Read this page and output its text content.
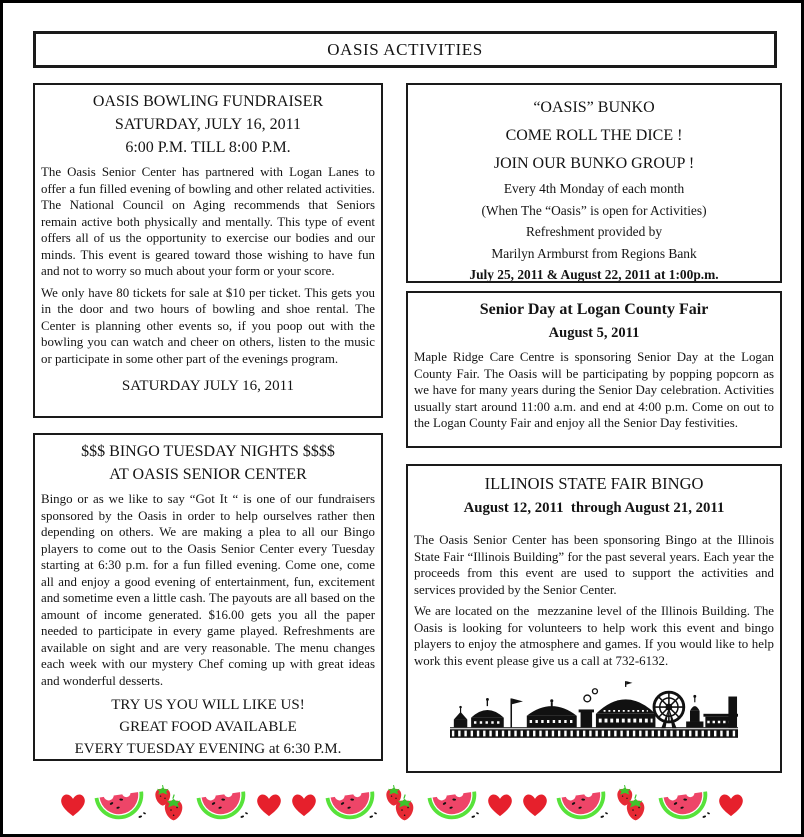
OASIS ACTIVITIES
OASIS BOWLING FUNDRAISER
SATURDAY, JULY 16, 2011
6:00 P.M. TILL 8:00 P.M.
The Oasis Senior Center has partnered with Logan Lanes to offer a fun filled evening of bowling and other related activities. The National Council on Aging recommends that Seniors remain active both physically and mentally. This type of event offers all of us the opportunity to exercise our bodies and our minds. This event is geared toward those wishing to have fun and not to worry so much about your form or your score.
We only have 80 tickets for sale at $10 per ticket. This gets you in the door and two hours of bowling and shoe rental. The Center is planning other events so, if you poop out with the bowling you can watch and cheer on others, listen to the music or participate in some other part of the evenings program.
SATURDAY JULY 16, 2011
$$$ BINGO TUESDAY NIGHTS $$$$
AT OASIS SENIOR CENTER
Bingo or as we like to say “Got It “ is one of our fundraisers sponsored by the Oasis in order to help ourselves rather then depending on others. We are making a plea to all our Bingo players to come out to the Oasis Senior Center every Tuesday starting at 6:30 p.m. for a fun filled evening. Come one, come all and enjoy a good evening of entertainment, fun, excitement and sometime even a little cash. The payouts are all based on the amount of income generated. $16.00 gets you all the paper needed to participate in every game played. Refreshments are available on sight and are very reasonable. The menu changes each week with our mystery Chef coming up with great ideas and wonderful desserts.
TRY US YOU WILL LIKE US!
GREAT FOOD AVAILABLE
EVERY TUESDAY EVENING at 6:30 P.M.
“OASIS” BUNKO
COME ROLL THE DICE !
JOIN OUR BUNKO GROUP !
Every 4th Monday of each month
(When The “Oasis” is open for Activities)
Refreshment provided by
Marilyn Armburst from Regions Bank
July 25, 2011 & August 22, 2011 at 1:00p.m.
Senior Day at Logan County Fair
August 5, 2011
Maple Ridge Care Centre is sponsoring Senior Day at the Logan County Fair. The Oasis will be participating by popping popcorn as we have for many years during the Senior Day celebration. Activities usually start around 11:00 a.m. and end at 4:00 p.m. Come on out to the Logan County Fair and enjoy all the Senior Day festivities.
ILLINOIS STATE FAIR BINGO
August 12, 2011  through August 21, 2011
The Oasis Senior Center has been sponsoring Bingo at the Illinois State Fair “Illinois Building” for the past several years. Each year the proceeds from this event are used to support the activities and services provided by the Senior Center.
We are located on the  mezzanine level of the Illinois Building. The Oasis is looking for volunteers to help work this event and bingo players to enjoy the atmosphere and games. If you would like to help work this event please give us a call at 732-6132.
